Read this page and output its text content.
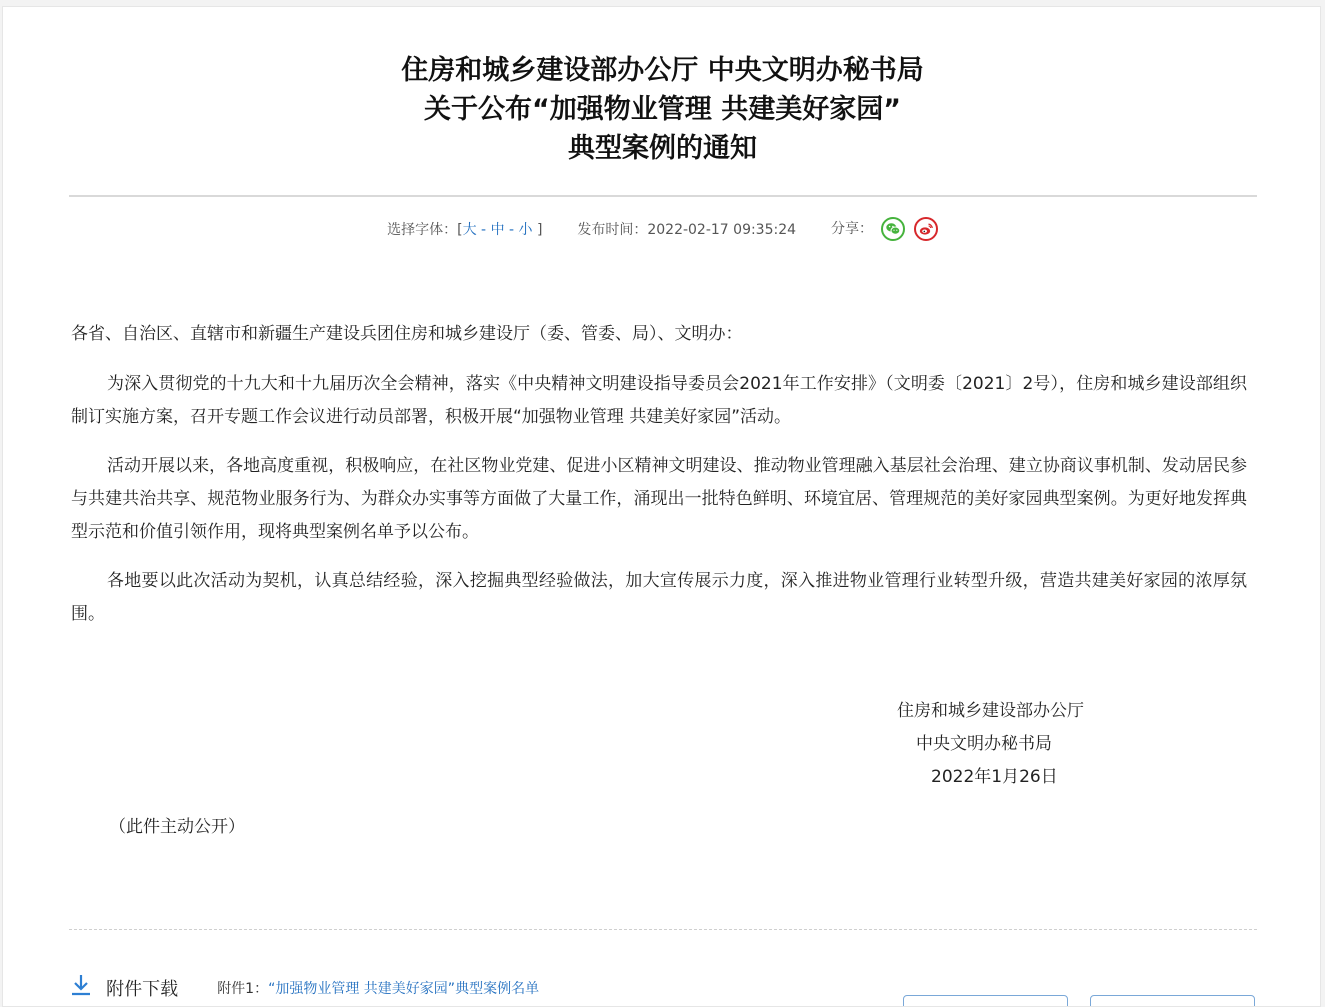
住房和城乡建设部办公厅 中央文明办秘书局
关于公布“加强物业管理 共建美好家园”
典型案例的通知
选择字体：[大 - 中 - 小 ] 发布时间：2022-02-17 09:35:24 分享：

各省、自治区、直辖市和新疆生产建设兵团住房和城乡建设厅（委、管委、局）、文明办：

为深入贯彻党的十九大和十九届历次全会精神，落实《中央精神文明建设指导委员会2021年工作安排》（文明委〔2021〕2号），住房和城乡建设部组织制订实施方案，召开专题工作会议进行动员部署，积极开展“加强物业管理 共建美好家园”活动。

活动开展以来，各地高度重视，积极响应，在社区物业党建、促进小区精神文明建设、推动物业管理融入基层社会治理、建立协商议事机制、发动居民参与共建共治共享、规范物业服务行为、为群众办实事等方面做了大量工作，涌现出一批特色鲜明、环境宜居、管理规范的美好家园典型案例。为更好地发挥典型示范和价值引领作用，现将典型案例名单予以公布。

各地要以此次活动为契机，认真总结经验，深入挖掘典型经验做法，加大宣传展示力度，深入推进物业管理行业转型升级，营造共建美好家园的浓厚氛围。

住房和城乡建设部办公厅
中央文明办秘书局
2022年1月26日
（此件主动公开）
附件下载	附件1：“加强物业管理 共建美好家园”典型案例名单
